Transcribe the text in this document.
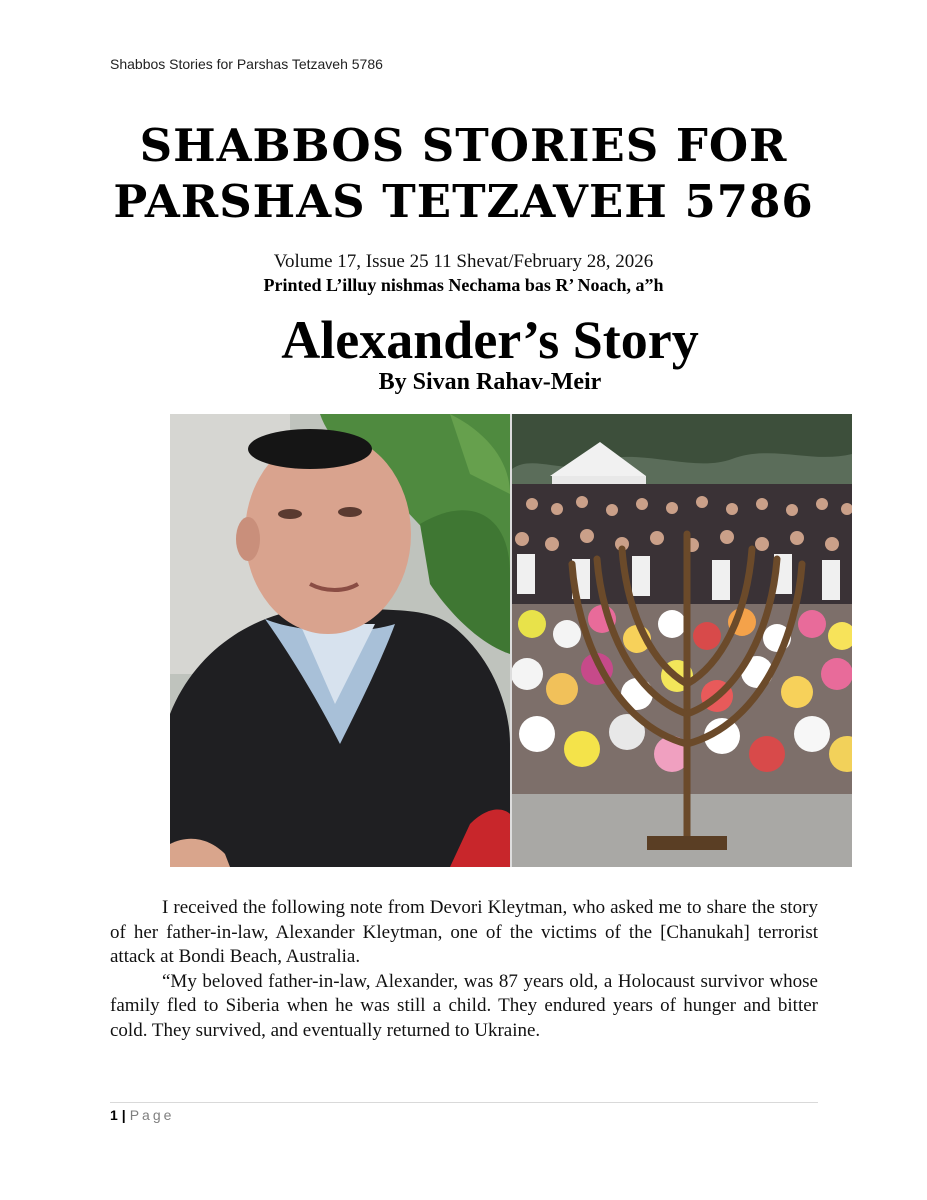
Shabbos Stories for Parshas Tetzaveh 5786
SHABBOS STORIES FOR
PARSHAS TETZAVEH 5786
Volume 17, Issue 25 11 Shevat/February 28, 2026
Printed L’illuy nishmas Nechama bas R’ Noach, a”h
Alexander’s Story
By Sivan Rahav-Meir

I received the following note from Devori Kleytman, who asked me to share the story of her father-in-law, Alexander Kleytman, one of the victims of the [Chanukah] terrorist attack at Bondi Beach, Australia.

“My beloved father-in-law, Alexander, was 87 years old, a Holocaust survivor whose family fled to Siberia when he was still a child. They endured years of hunger and bitter cold. They survived, and eventually returned to Ukraine.

1 | Page
